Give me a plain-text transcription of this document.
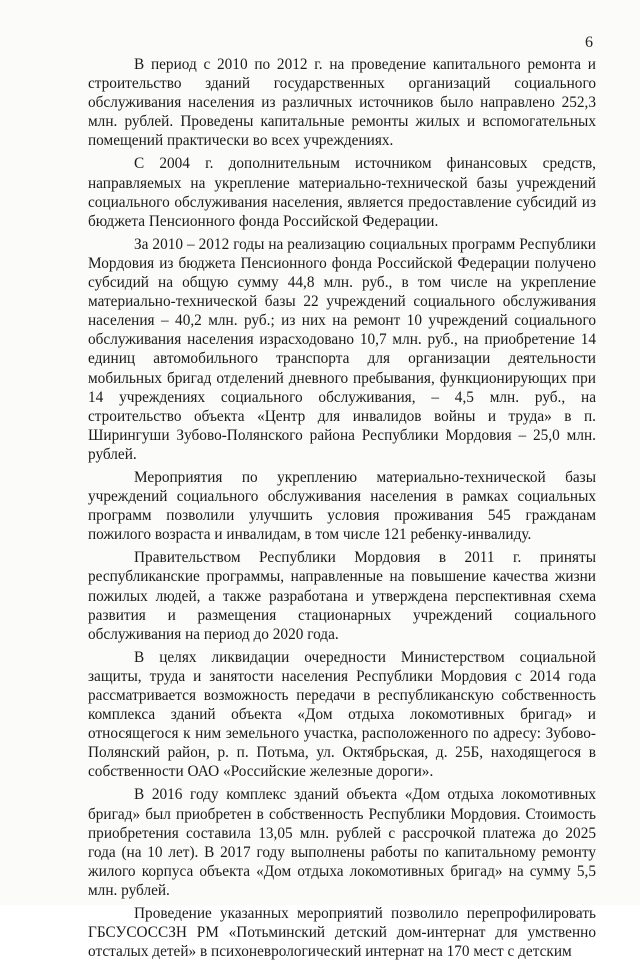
6

В период с 2010 по 2012 г. на проведение капитального ремонта и строительство зданий государственных организаций социального обслуживания населения из различных источников было направлено 252,3 млн. рублей. Проведены капитальные ремонты жилых и вспомогательных помещений практически во всех учреждениях.

С 2004 г. дополнительным источником финансовых средств, направляемых на укрепление материально-технической базы учреждений социального обслуживания населения, является предоставление субсидий из бюджета Пенсионного фонда Российской Федерации.

За 2010 – 2012 годы на реализацию социальных программ Республики Мордовия из бюджета Пенсионного фонда Российской Федерации получено субсидий на общую сумму 44,8 млн. руб., в том числе на укрепление материально-технической базы 22 учреждений социального обслуживания населения – 40,2 млн. руб.; из них на ремонт 10 учреждений социального обслуживания населения израсходовано 10,7 млн. руб., на приобретение 14 единиц автомобильного транспорта для организации деятельности мобильных бригад отделений дневного пребывания, функционирующих при 14 учреждениях социального обслуживания, – 4,5 млн. руб., на строительство объекта «Центр для инвалидов войны и труда» в п. Ширингуши Зубово-Полянского района Республики Мордовия – 25,0 млн. рублей.

Мероприятия по укреплению материально-технической базы учреждений социального обслуживания населения в рамках социальных программ позволили улучшить условия проживания 545 гражданам пожилого возраста и инвалидам, в том числе 121 ребенку-инвалиду.

Правительством Республики Мордовия в 2011 г. приняты республиканские программы, направленные на повышение качества жизни пожилых людей, а также разработана и утверждена перспективная схема развития и размещения стационарных учреждений социального обслуживания на период до 2020 года.

В целях ликвидации очередности Министерством социальной защиты, труда и занятости населения Республики Мордовия с 2014 года рассматривается возможность передачи в республиканскую собственность комплекса зданий объекта «Дом отдыха локомотивных бригад» и относящегося к ним земельного участка, расположенного по адресу: Зубово-Полянский район, р. п. Потьма, ул. Октябрьская, д. 25Б, находящегося в собственности ОАО «Российские железные дороги».

В 2016 году комплекс зданий объекта «Дом отдыха локомотивных бригад» был приобретен в собственность Республики Мордовия. Стоимость приобретения составила 13,05 млн. рублей с рассрочкой платежа до 2025 года (на 10 лет). В 2017 году выполнены работы по капитальному ремонту жилого корпуса объекта «Дом отдыха локомотивных бригад» на сумму 5,5 млн. рублей.

Проведение указанных мероприятий позволило перепрофилировать ГБСУСОССЗН РМ «Потьминский детский дом-интернат для умственно отсталых детей» в психоневрологический интернат на 170 мест с детским
